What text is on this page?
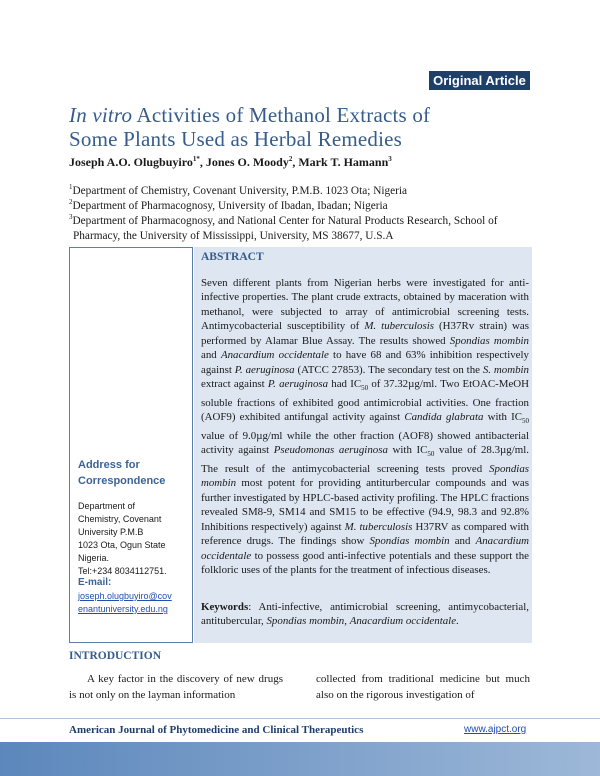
Original Article
In vitro Activities of Methanol Extracts of
Some Plants Used as Herbal Remedies
Joseph A.O. Olugbuyiro$^{1*}$, Jones O. Moody$^2$, Mark T. Hamann$^3$
$^1$Department of Chemistry, Covenant University, P.M.B. 1023 Ota; Nigeria
$^2$Department of Pharmacognosy, University of Ibadan, Ibadan; Nigeria
$^3$Department of Pharmacognosy, and National Center for Natural Products Research, School of
Pharmacy, the University of Mississippi, University, MS 38677, U.S.A
Address for
Correspondence
Department of
Chemistry, Covenant
University P.M.B
1023 Ota, Ogun State
Nigeria.
Tel:+234 8034112751.
E-mail:
joseph.olugbuyiro@cov
enantuniversity.edu.ng
ABSTRACT
Seven different plants from Nigerian herbs were investigated for anti-infective properties. The plant crude extracts, obtained by maceration with methanol, were subjected to array of antimicrobial screening tests. Antimycobacterial susceptibility of M. tuberculosis (H37Rv strain) was performed by Alamar Blue Assay. The results showed Spondias mombin and Anacardium occidentale to have 68 and 63% inhibition respectively against P. aeruginosa (ATCC 27853). The secondary test on the S. mombin extract against P. aeruginosa had $IC_{50}$ of 37.32µg/ml. Two EtOAC-MeOH soluble fractions of exhibited good antimicrobial activities. One fraction (AOF9) exhibited antifungal activity against Candida glabrata with $IC_{50}$ value of 9.0µg/ml while the other fraction (AOF8) showed antibacterial activity against Pseudomonas aeruginosa with $IC_{50}$ value of 28.3µg/ml. The result of the antimycobacterial screening tests proved Spondias mombin most potent for providing antiturbercular compounds and was further investigated by HPLC-based activity profiling. The HPLC fractions revealed SM8-9, SM14 and SM15 to be effective (94.9, 98.3 and 92.8% Inhibitions respectively) against M. tuberculosis H37RV as compared with reference drugs. The findings show Spondias mombin and Anacardium occidentale to possess good anti-infective potentials and these support the folkloric uses of the plants for the treatment of infectious diseases.
Keywords: Anti-infective, antimicrobial screening, antimycobacterial, antitubercular, Spondias mombin, Anacardium occidentale.
INTRODUCTION
A key factor in the discovery of new drugs is not only on the layman information
collected from traditional medicine but much also on the rigorous investigation of
American Journal of Phytomedicine and Clinical Therapeutics	www.ajpct.org
